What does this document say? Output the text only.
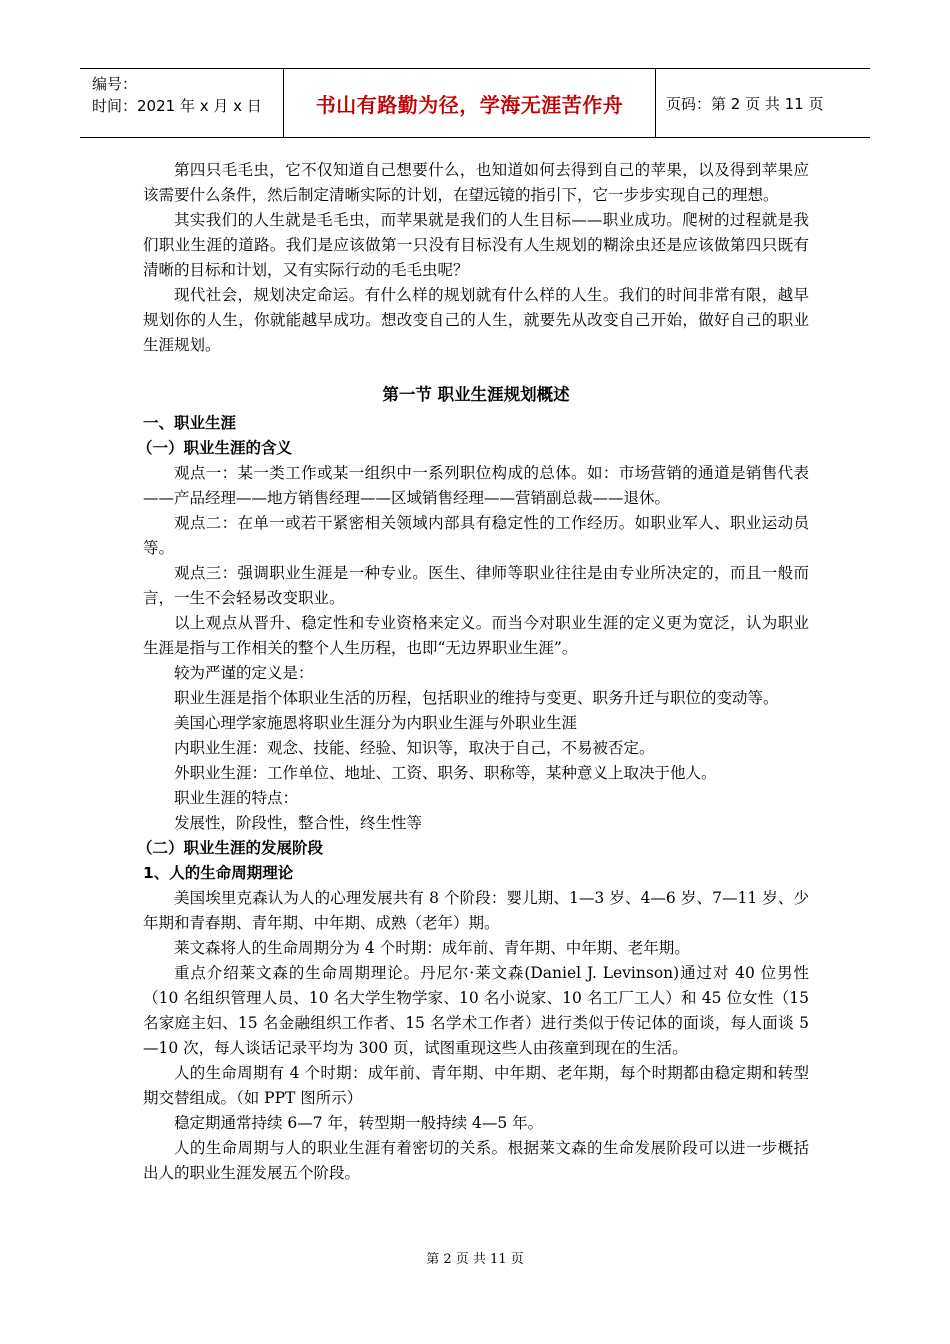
编号：
时间：2021 年 x 月 x 日	书山有路勤为径，学海无涯苦作舟	页码：第 2 页 共 11 页

第四只毛毛虫，它不仅知道自己想要什么，也知道如何去得到自己的苹果，以及得到苹果应该需要什么条件，然后制定清晰实际的计划，在望远镜的指引下，它一步步实现自己的理想。

其实我们的人生就是毛毛虫，而苹果就是我们的人生目标——职业成功。爬树的过程就是我们职业生涯的道路。我们是应该做第一只没有目标没有人生规划的糊涂虫还是应该做第四只既有清晰的目标和计划，又有实际行动的毛毛虫呢？

现代社会，规划决定命运。有什么样的规划就有什么样的人生。我们的时间非常有限，越早规划你的人生，你就能越早成功。想改变自己的人生，就要先从改变自己开始，做好自己的职业生涯规划。

第一节 职业生涯规划概述

一、职业生涯

（一）职业生涯的含义

观点一：某一类工作或某一组织中一系列职位构成的总体。如：市场营销的通道是销售代表——产品经理——地方销售经理——区域销售经理——营销副总裁——退休。

观点二：在单一或若干紧密相关领域内部具有稳定性的工作经历。如职业军人、职业运动员等。

观点三：强调职业生涯是一种专业。医生、律师等职业往往是由专业所决定的，而且一般而言，一生不会轻易改变职业。

以上观点从晋升、稳定性和专业资格来定义。而当今对职业生涯的定义更为宽泛，认为职业生涯是指与工作相关的整个人生历程，也即“无边界职业生涯”。

较为严谨的定义是：

职业生涯是指个体职业生活的历程，包括职业的维持与变更、职务升迁与职位的变动等。

美国心理学家施恩将职业生涯分为内职业生涯与外职业生涯

内职业生涯：观念、技能、经验、知识等，取决于自己，不易被否定。

外职业生涯：工作单位、地址、工资、职务、职称等，某种意义上取决于他人。

职业生涯的特点：

发展性，阶段性，整合性，终生性等

（二）职业生涯的发展阶段

1、人的生命周期理论

美国埃里克森认为人的心理发展共有 8 个阶段：婴儿期、1—3 岁、4—6 岁、7—11 岁、少年期和青春期、青年期、中年期、成熟（老年）期。

莱文森将人的生命周期分为 4 个时期：成年前、青年期、中年期、老年期。

重点介绍莱文森的生命周期理论。丹尼尔·莱文森(Daniel J. Levinson)通过对 40 位男性（10 名组织管理人员、10 名大学生物学家、10 名小说家、10 名工厂工人）和 45 位女性（15 名家庭主妇、15 名金融组织工作者、15 名学术工作者）进行类似于传记体的面谈，每人面谈 5—10 次，每人谈话记录平均为 300 页，试图重现这些人由孩童到现在的生活。

人的生命周期有 4 个时期：成年前、青年期、中年期、老年期，每个时期都由稳定期和转型期交替组成。（如 PPT 图所示）

稳定期通常持续 6—7 年，转型期一般持续 4—5 年。

人的生命周期与人的职业生涯有着密切的关系。根据莱文森的生命发展阶段可以进一步概括出人的职业生涯发展五个阶段。

第 2 页 共 11 页
